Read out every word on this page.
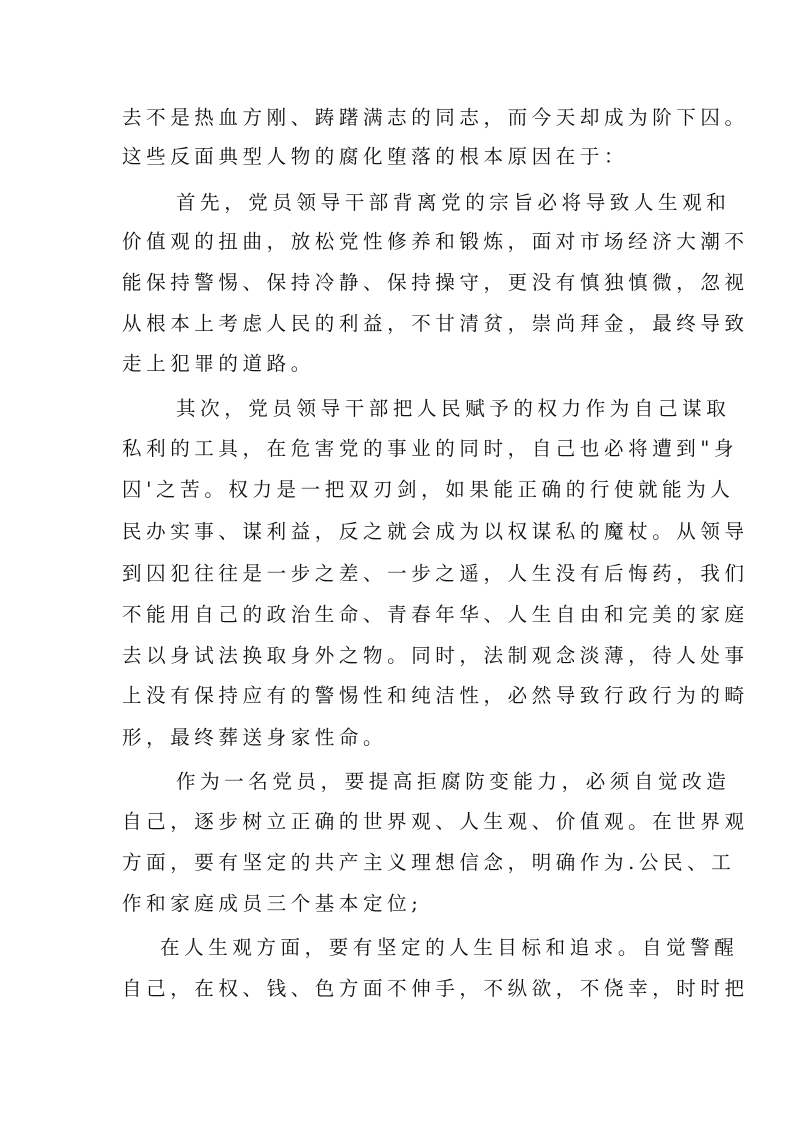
去不是热血方刚、踌躇满志的同志，而今天却成为阶下囚。
这些反面典型人物的腐化堕落的根本原因在于：
首先，党员领导干部背离党的宗旨必将导致人生观和
价值观的扭曲，放松党性修养和锻炼，面对市场经济大潮不
能保持警惕、保持冷静、保持操守，更没有慎独慎微，忽视
从根本上考虑人民的利益，不甘清贫，崇尚拜金，最终导致
走上犯罪的道路。
其次，党员领导干部把人民赋予的权力作为自己谋取
私利的工具，在危害党的事业的同时，自己也必将遭到"身
囚'之苦。权力是一把双刃剑，如果能正确的行使就能为人
民办实事、谋利益，反之就会成为以权谋私的魔杖。从领导
到囚犯往往是一步之差、一步之遥，人生没有后悔药，我们
不能用自己的政治生命、青春年华、人生自由和完美的家庭
去以身试法换取身外之物。同时，法制观念淡薄，待人处事
上没有保持应有的警惕性和纯洁性，必然导致行政行为的畸
形，最终葬送身家性命。
作为一名党员，要提高拒腐防变能力，必须自觉改造
自己，逐步树立正确的世界观、人生观、价值观。在世界观
方面，要有坚定的共产主义理想信念，明确作为.公民、工
作和家庭成员三个基本定位;
在人生观方面，要有坚定的人生目标和追求。自觉警醒
自己，在权、钱、色方面不伸手，不纵欲，不侥幸，时时把
